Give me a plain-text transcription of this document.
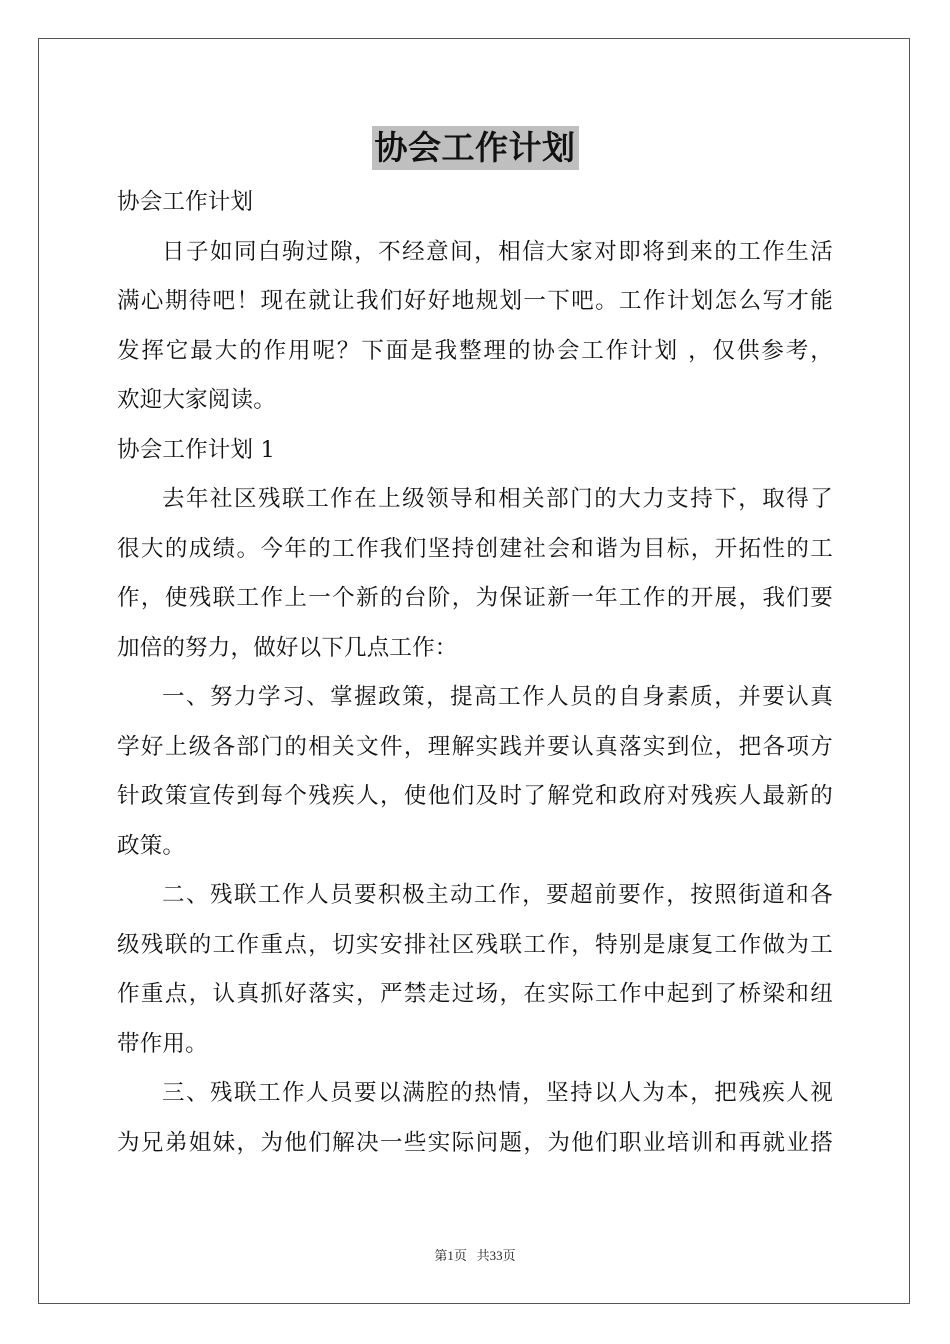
协会工作计划
协会工作计划
日子如同白驹过隙，不经意间，相信大家对即将到来的工作生活
满心期待吧！现在就让我们好好地规划一下吧。工作计划怎么写才能
发挥它最大的作用呢？下面是我整理的协会工作计划 ，仅供参考，
欢迎大家阅读。
协会工作计划 1
去年社区残联工作在上级领导和相关部门的大力支持下，取得了
很大的成绩。今年的工作我们坚持创建社会和谐为目标，开拓性的工
作，使残联工作上一个新的台阶，为保证新一年工作的开展，我们要
加倍的努力，做好以下几点工作：
一、努力学习、掌握政策，提高工作人员的自身素质，并要认真
学好上级各部门的相关文件，理解实践并要认真落实到位，把各项方
针政策宣传到每个残疾人，使他们及时了解党和政府对残疾人最新的
政策。
二、残联工作人员要积极主动工作，要超前要作，按照街道和各
级残联的工作重点，切实安排社区残联工作，特别是康复工作做为工
作重点，认真抓好落实，严禁走过场，在实际工作中起到了桥梁和纽
带作用。
三、残联工作人员要以满腔的热情，坚持以人为本，把残疾人视
为兄弟姐妹，为他们解决一些实际问题，为他们职业培训和再就业搭
第1页   共33页
